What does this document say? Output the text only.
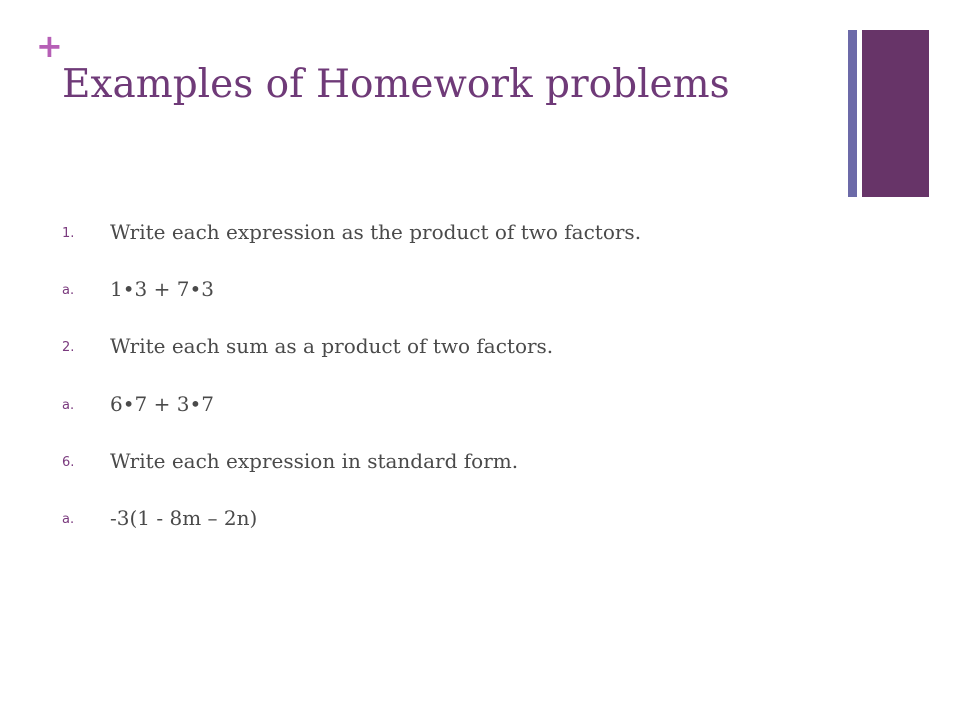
+
Examples of Homework problems
1. Write each expression as the product of two factors.
a. 1•3 + 7•3
2. Write each sum as a product of two factors.
a. 6•7 + 3•7
6. Write each expression in standard form.
a. -3(1 - 8m – 2n)
